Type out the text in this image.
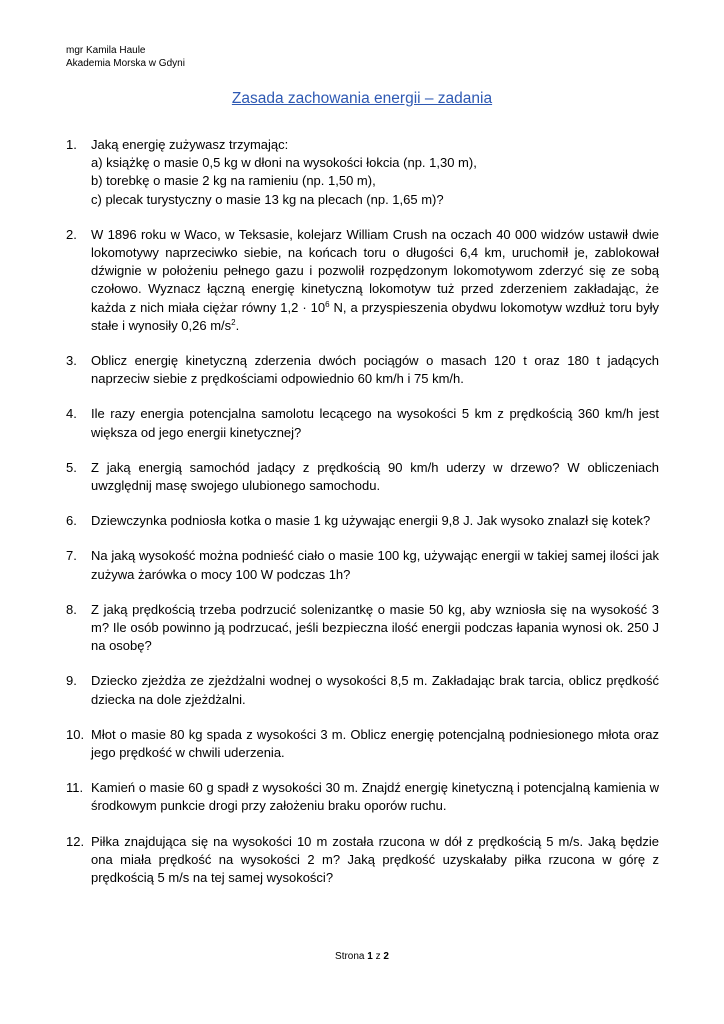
mgr Kamila Haule
Akademia Morska w Gdyni
Zasada zachowania energii – zadania
1. Jaką energię zużywasz trzymając:
a) książkę o masie 0,5 kg w dłoni na wysokości łokcia (np. 1,30 m),
b) torebkę o masie 2 kg na ramieniu (np. 1,50 m),
c) plecak turystyczny o masie 13 kg na plecach (np. 1,65 m)?
2. W 1896 roku w Waco, w Teksasie, kolejarz William Crush na oczach 40 000 widzów ustawił dwie lokomotywy naprzeciwko siebie, na końcach toru o długości 6,4 km, uruchomił je, zablokował dźwignie w położeniu pełnego gazu i pozwolił rozpędzonym lokomotywom zderzyć się ze sobą czołowo. Wyznacz łączną energię kinetyczną lokomotyw tuż przed zderzeniem zakładając, że każda z nich miała ciężar równy $1,2 \cdot 10^6$ N, a przyspieszenia obydwu lokomotyw wzdłuż toru były stałe i wynosiły 0,26 $m/s^2$.
3. Oblicz energię kinetyczną zderzenia dwóch pociągów o masach 120 t oraz 180 t jadących naprzeciw siebie z prędkościami odpowiednio 60 km/h i 75 km/h.
4. Ile razy energia potencjalna samolotu lecącego na wysokości 5 km z prędkością 360 km/h jest większa od jego energii kinetycznej?
5. Z jaką energią samochód jadący z prędkością 90 km/h uderzy w drzewo? W obliczeniach uwzględnij masę swojego ulubionego samochodu.
6. Dziewczynka podniosła kotka o masie 1 kg używając energii 9,8 J. Jak wysoko znalazł się kotek?
7. Na jaką wysokość można podnieść ciało o masie 100 kg, używając energii w takiej samej ilości jak zużywa żarówka o mocy 100 W podczas 1h?
8. Z jaką prędkością trzeba podrzucić solenizantkę o masie 50 kg, aby wzniosła się na wysokość 3 m? Ile osób powinno ją podrzucać, jeśli bezpieczna ilość energii podczas łapania wynosi ok. 250 J na osobę?
9. Dziecko zjeżdża ze zjeżdżalni wodnej o wysokości 8,5 m. Zakładając brak tarcia, oblicz prędkość dziecka na dole zjeżdżalni.
10. Młot o masie 80 kg spada z wysokości 3 m. Oblicz energię potencjalną podniesionego młota oraz jego prędkość w chwili uderzenia.
11. Kamień o masie 60 g spadł z wysokości 30 m. Znajdź energię kinetyczną i potencjalną kamienia w środkowym punkcie drogi przy założeniu braku oporów ruchu.
12. Piłka znajdująca się na wysokości 10 m została rzucona w dół z prędkością 5 m/s. Jaką będzie ona miała prędkość na wysokości 2 m? Jaką prędkość uzyskałaby piłka rzucona w górę z prędkością 5 m/s na tej samej wysokości?
Strona 1 z 2
